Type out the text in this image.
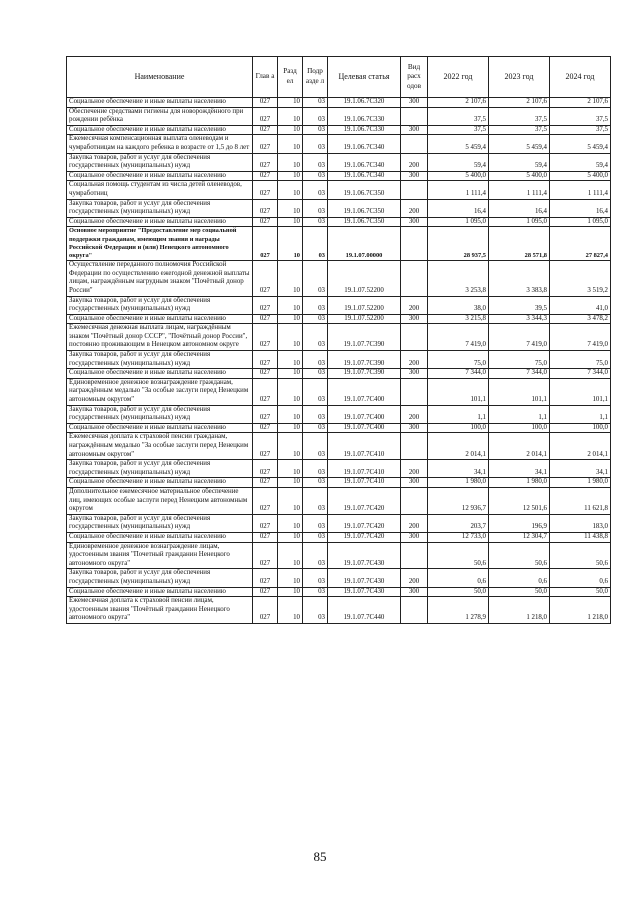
Наименование	Глав а	Разд ел	Подр азде л	Целевая статья	Вид расх одов	2022 год	2023 год	2024 год
Социальное обеспечение и иные выплаты населению	027	10	03	19.1.06.7С320	300	2 107,6	2 107,6	2 107,6
Обеспечение средствами гигиены для новорождённого при рождении ребёнка	027	10	03	19.1.06.7С330		37,5	37,5	37,5
Социальное обеспечение и иные выплаты населению	027	10	03	19.1.06.7С330	300	37,5	37,5	37,5
Ежемесячная компенсационная выплата оленеводам и чумработницам на каждого ребенка в возрасте от 1,5 до 8 лет	027	10	03	19.1.06.7С340		5 459,4	5 459,4	5 459,4
Закупка товаров, работ и услуг для обеспечения государственных (муниципальных) нужд	027	10	03	19.1.06.7С340	200	59,4	59,4	59,4
Социальное обеспечение и иные выплаты населению	027	10	03	19.1.06.7С340	300	5 400,0	5 400,0	5 400,0
Социальная помощь студентам из числа детей оленеводов, чумработниц	027	10	03	19.1.06.7С350		1 111,4	1 111,4	1 111,4
Закупка товаров, работ и услуг для обеспечения государственных (муниципальных) нужд	027	10	03	19.1.06.7С350	200	16,4	16,4	16,4
Социальное обеспечение и иные выплаты населению	027	10	03	19.1.06.7С350	300	1 095,0	1 095,0	1 095,0
Основное мероприятие "Предоставление мер социальной поддержки гражданам, имеющим звания и награды Российской Федерации и (или) Ненецкого автономного округа"	027	10	03	19.1.07.00000		28 937,5	28 571,8	27 827,4
Осуществление переданного полномочия Российской Федерации по осуществлению ежегодной денежной выплаты лицам, награждённым нагрудным знаком "Почётный донор России"	027	10	03	19.1.07.52200		3 253,8	3 383,8	3 519,2
Закупка товаров, работ и услуг для обеспечения государственных (муниципальных) нужд	027	10	03	19.1.07.52200	200	38,0	39,5	41,0
Социальное обеспечение и иные выплаты населению	027	10	03	19.1.07.52200	300	3 215,8	3 344,3	3 478,2
Ежемесячная денежная выплата лицам, награждённым знаком "Почётный донор СССР", "Почётный донор России", постоянно проживающим в Ненецком автономном округе	027	10	03	19.1.07.7С390		7 419,0	7 419,0	7 419,0
Закупка товаров, работ и услуг для обеспечения государственных (муниципальных) нужд	027	10	03	19.1.07.7С390	200	75,0	75,0	75,0
Социальное обеспечение и иные выплаты населению	027	10	03	19.1.07.7С390	300	7 344,0	7 344,0	7 344,0
Единовременное денежное вознаграждение гражданам, награждённым медалью "За особые заслуги перед Ненецким автономным округом"	027	10	03	19.1.07.7С400		101,1	101,1	101,1
Закупка товаров, работ и услуг для обеспечения государственных (муниципальных) нужд	027	10	03	19.1.07.7С400	200	1,1	1,1	1,1
Социальное обеспечение и иные выплаты населению	027	10	03	19.1.07.7С400	300	100,0	100,0	100,0
Ежемесячная доплата к страховой пенсии гражданам, награждённым медалью "За особые заслуги перед Ненецким автономным округом"	027	10	03	19.1.07.7С410		2 014,1	2 014,1	2 014,1
Закупка товаров, работ и услуг для обеспечения государственных (муниципальных) нужд	027	10	03	19.1.07.7С410	200	34,1	34,1	34,1
Социальное обеспечение и иные выплаты населению	027	10	03	19.1.07.7С410	300	1 980,0	1 980,0	1 980,0
Дополнительное ежемесячное материальное обеспечение лиц, имеющих особые заслуги перед Ненецким автономным округом	027	10	03	19.1.07.7С420		12 936,7	12 501,6	11 621,8
Закупка товаров, работ и услуг для обеспечения государственных (муниципальных) нужд	027	10	03	19.1.07.7С420	200	203,7	196,9	183,0
Социальное обеспечение и иные выплаты населению	027	10	03	19.1.07.7С420	300	12 733,0	12 304,7	11 438,8
Единовременное денежное вознаграждение лицам, удостоенным звания "Почетный гражданин Ненецкого автономного округа"	027	10	03	19.1.07.7С430		50,6	50,6	50,6
Закупка товаров, работ и услуг для обеспечения государственных (муниципальных) нужд	027	10	03	19.1.07.7С430	200	0,6	0,6	0,6
Социальное обеспечение и иные выплаты населению	027	10	03	19.1.07.7С430	300	50,0	50,0	50,0
Ежемесячная доплата к страховой пенсии лицам, удостоенным звания "Почётный гражданин Ненецкого автономного округа"	027	10	03	19.1.07.7С440		1 278,9	1 218,0	1 218,0
85
